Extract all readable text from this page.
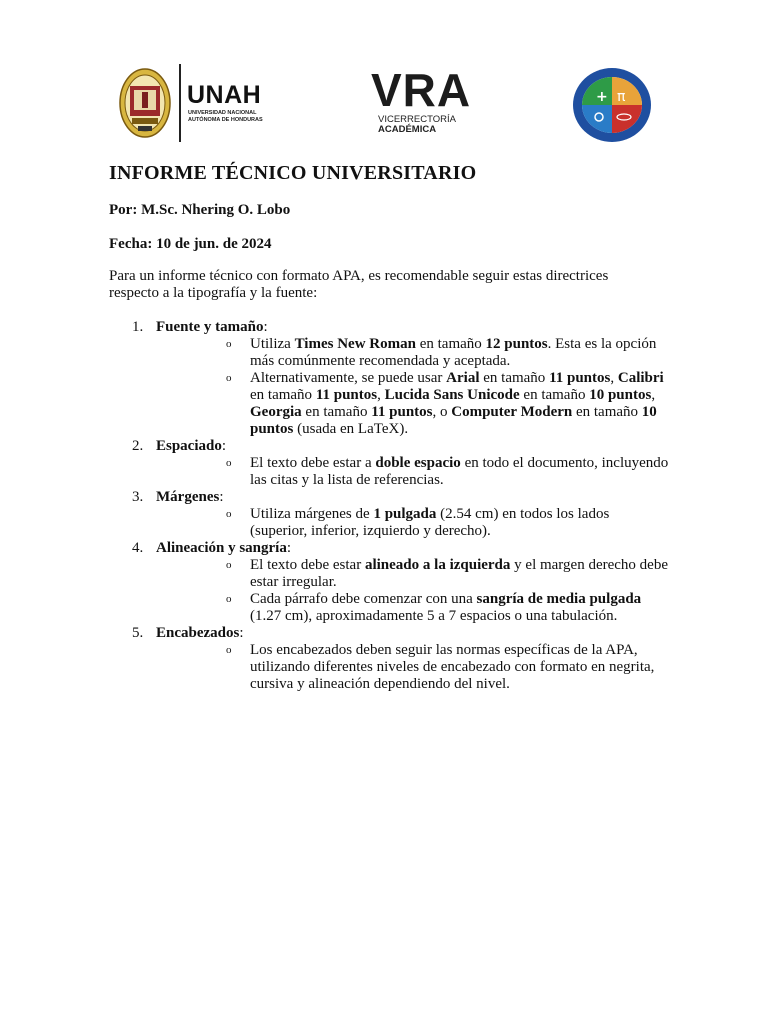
UNAH
UNIVERSIDAD NACIONAL
AUTÓNOMA DE HONDURAS
VRA
VICERRECTORÍA
ACADÉMICA
+ π
INFORME TÉCNICO UNIVERSITARIO

Por: M.Sc. Nhering O. Lobo

Fecha: 10 de jun. de 2024

Para un informe técnico con formato APA, es recomendable seguir estas directrices respecto a la tipografía y la fuente:

1. Fuente y tamaño:
o Utiliza Times New Roman en tamaño 12 puntos. Esta es la opción más comúnmente recomendada y aceptada.
o Alternativamente, se puede usar Arial en tamaño 11 puntos, Calibri en tamaño 11 puntos, Lucida Sans Unicode en tamaño 10 puntos, Georgia en tamaño 11 puntos, o Computer Modern en tamaño 10 puntos (usada en LaTeX).
2. Espaciado:
o El texto debe estar a doble espacio en todo el documento, incluyendo las citas y la lista de referencias.
3. Márgenes:
o Utiliza márgenes de 1 pulgada (2.54 cm) en todos los lados (superior, inferior, izquierdo y derecho).
4. Alineación y sangría:
o El texto debe estar alineado a la izquierda y el margen derecho debe estar irregular.
o Cada párrafo debe comenzar con una sangría de media pulgada (1.27 cm), aproximadamente 5 a 7 espacios o una tabulación.
5. Encabezados:
o Los encabezados deben seguir las normas específicas de la APA, utilizando diferentes niveles de encabezado con formato en negrita, cursiva y alineación dependiendo del nivel.
